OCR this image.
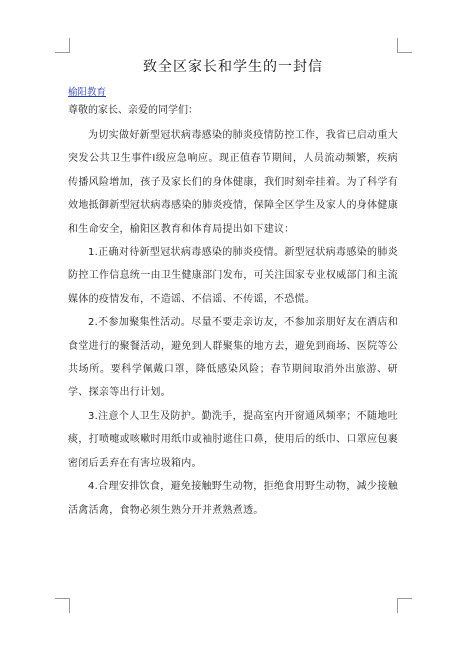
致全区家长和学生的一封信
榆阳教育
尊敬的家长、亲爱的同学们：

为切实做好新型冠状病毒感染的肺炎疫情防控工作，我省已启动重大突发公共卫生事件Ⅰ级应急响应。现正值春节期间，人员流动频繁，疾病传播风险增加，孩子及家长们的身体健康，我们时刻牵挂着。为了科学有效地抵御新型冠状病毒感染的肺炎疫情，保障全区学生及家人的身体健康和生命安全，榆阳区教育和体育局提出如下建议：

1.正确对待新型冠状病毒感染的肺炎疫情。新型冠状病毒感染的肺炎防控工作信息统一由卫生健康部门发布，可关注国家专业权威部门和主流媒体的疫情发布，不造谣、不信谣、不传谣，不恐慌。

2.不参加聚集性活动。尽量不要走亲访友，不参加亲朋好友在酒店和食堂进行的聚餐活动，避免到人群聚集的地方去，避免到商场、医院等公共场所。要科学佩戴口罩，降低感染风险；春节期间取消外出旅游、研学、探亲等出行计划。

3.注意个人卫生及防护。勤洗手，提高室内开窗通风频率；不随地吐痰，打喷嚏或咳嗽时用纸巾或袖肘遮住口鼻，使用后的纸巾、口罩应包裹密闭后丢弃在有害垃圾箱内。

4.合理安排饮食，避免接触野生动物，拒绝食用野生动物，减少接触活禽活禽，食物必须生熟分开并煮熟煮透。
